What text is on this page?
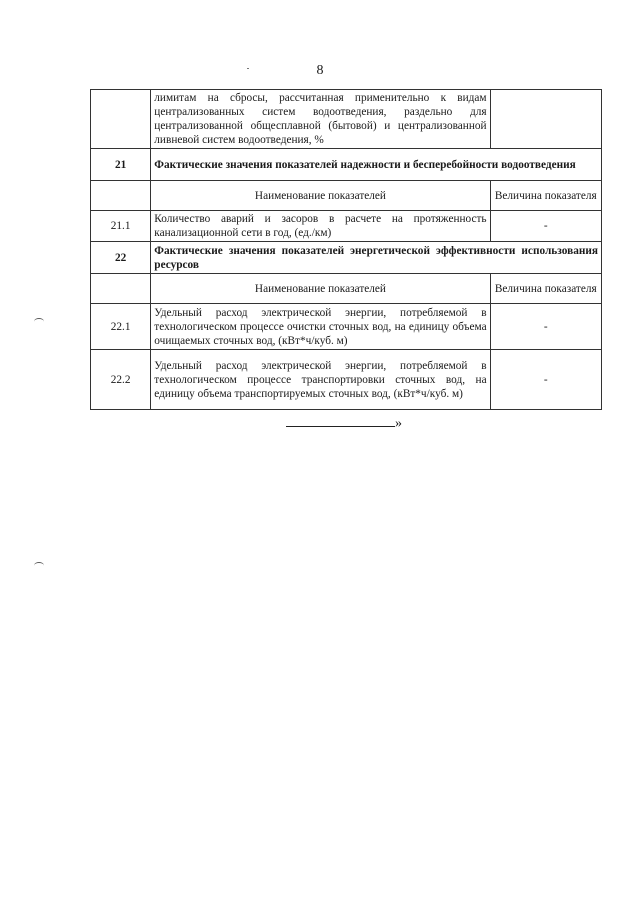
8
	лимитам на сбросы, рассчитанная применительно к видам централизованных систем водоотведения, раздельно для централизованной общесплавной (бытовой) и централизованной ливневой систем водоотведения, %	
21	Фактические значения показателей надежности и бесперебойности водоотведения	
	Наименование показателей	Величина показателя
21.1	Количество аварий и засоров в расчете на протяженность канализационной сети в год, (ед./км)	-
22	Фактические значения показателей энергетической эффективности использования ресурсов	
	Наименование показателей	Величина показателя
22.1	Удельный расход электрической энергии, потребляемой в технологическом процессе очистки сточных вод, на единицу объема очищаемых сточных вод, (кВт*ч/куб. м)	-
22.2	Удельный расход электрической энергии, потребляемой в технологическом процессе транспортировки сточных вод, на единицу объема транспортируемых сточных вод, (кВт*ч/куб. м)	-
»
